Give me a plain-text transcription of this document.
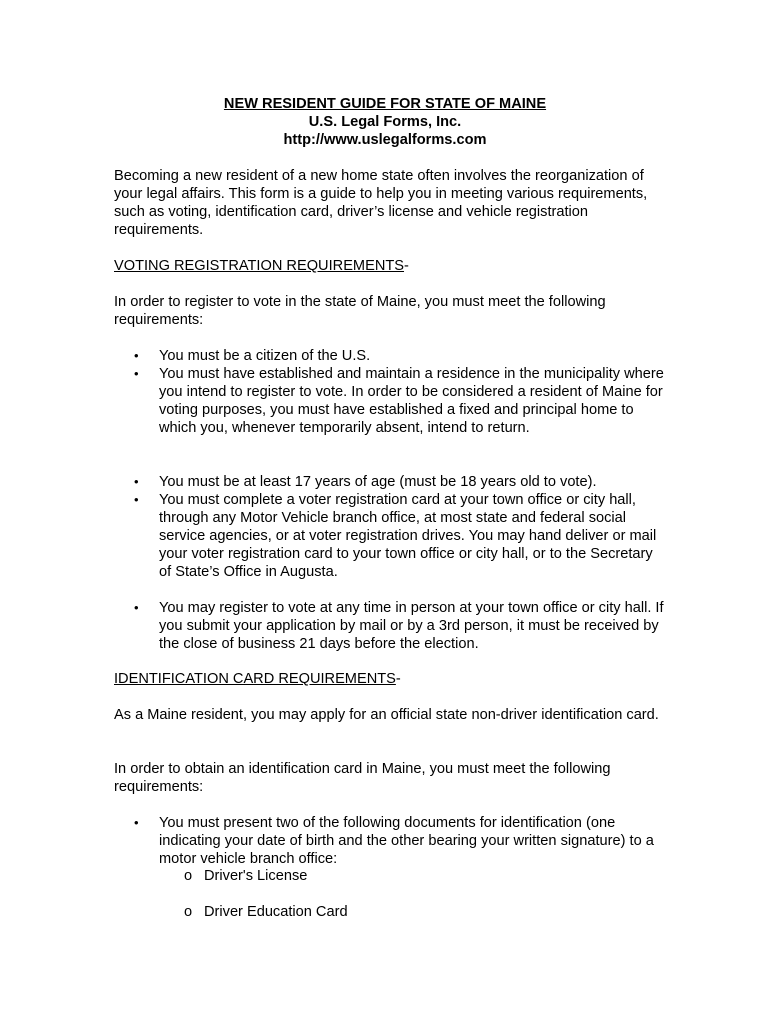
NEW RESIDENT GUIDE FOR STATE OF MAINE
U.S. Legal Forms, Inc.
http://www.uslegalforms.com

Becoming a new resident of a new home state often involves the reorganization of your legal affairs. This form is a guide to help you in meeting various requirements, such as voting, identification card, driver’s license and vehicle registration requirements.

VOTING REGISTRATION REQUIREMENTS-

In order to register to vote in the state of Maine, you must meet the following requirements:

• You must be a citizen of the U.S.

• You must have established and maintain a residence in the municipality where you intend to register to vote. In order to be considered a resident of Maine for voting purposes, you must have established a fixed and principal home to which you, whenever temporarily absent, intend to return.

• You must be at least 17 years of age (must be 18 years old to vote).

• You must complete a voter registration card at your town office or city hall, through any Motor Vehicle branch office, at most state and federal social service agencies, or at voter registration drives. You may hand deliver or mail your voter registration card to your town office or city hall, or to the Secretary of State’s Office in Augusta.

• You may register to vote at any time in person at your town office or city hall. If you submit your application by mail or by a 3rd person, it must be received by the close of business 21 days before the election.

IDENTIFICATION CARD REQUIREMENTS-

As a Maine resident, you may apply for an official state non-driver identification card.

In order to obtain an identification card in Maine, you must meet the following requirements:

• You must present two of the following documents for identification (one indicating your date of birth and the other bearing your written signature) to a motor vehicle branch office:

o Driver's License
o Driver Education Card
